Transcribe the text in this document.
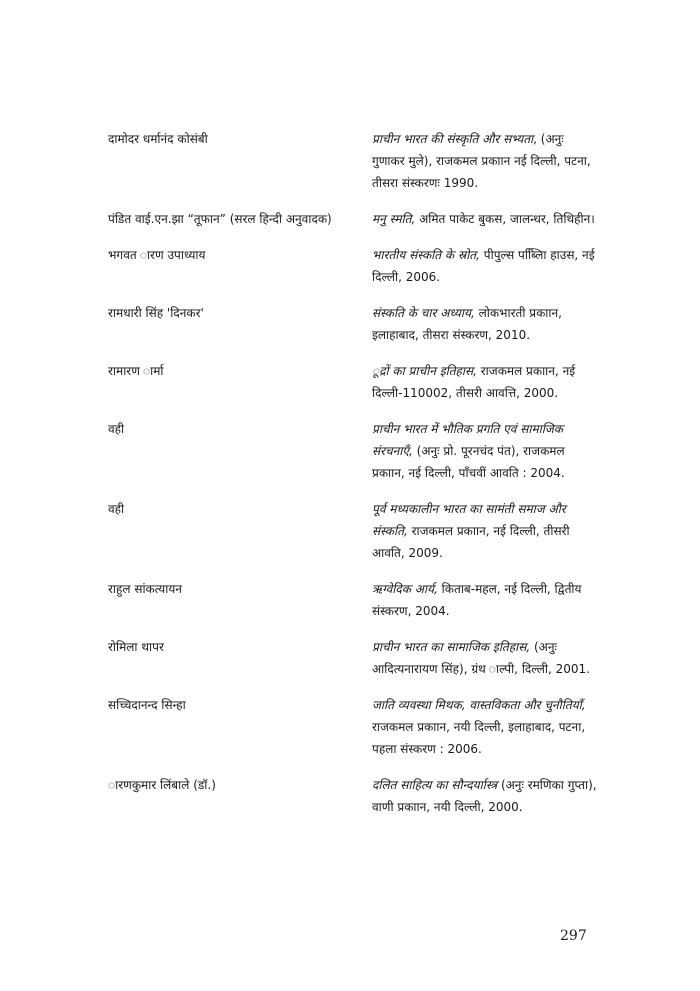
दामोदर धर्मानंद कोसंबी	प्राचीन भारत की संस्कृति और सभ्यता, (अनुः गुणाकर मुले), राजकमल प्रकाान नई दिल्ली, पटना, तीसरा संस्करणः 1990.
पंडित वाई.एन.झा “तूफान” (सरल हिन्दी अनुवादक)	मनु स्मति, अमित पाकेट बुकस, जालन्धर, तिथिहीन।
भगवत ारण उपाध्याय	भारतीय संस्कति के स्रोत, पीपुल्स पब्लिाि हाउस, नई दिल्ली, 2006.
रामधारी सिंह 'दिनकर'	संस्कति के चार अध्याय, लोकभारती प्रकाान, इलाहाबाद, तीसरा संस्करण, 2010.
रामारण ार्मा	ूद्रों का प्राचीन इतिहास, राजकमल प्रकाान, नई दिल्ली-110002, तीसरी आवत्ति, 2000.
वही	प्राचीन भारत में भौतिक प्रगति एवं सामाजिक संरचनाएँ, (अनुः प्रो. पूरनचंद पंत), राजकमल प्रकाान, नई दिल्ली, पाँचवीं आवति : 2004.
वही	पूर्व मध्यकालीन भारत का सामंती समाज और संस्कति, राजकमल प्रकाान, नई दिल्ली, तीसरी आवति, 2009.
राहुल सांकत्यायन	ऋग्वेदिक आर्य, किताब-महल, नई दिल्ली, द्वितीय संस्करण, 2004.
रोमिला थापर	प्राचीन भारत का सामाजिक इतिहास, (अनुः आदित्यनारायण सिंह), ग्रंथ ाल्पी, दिल्ली, 2001.
सच्चिदानन्द सिन्हा	जाति व्यवस्था मिथक, वास्तविकता और चुनौतियाँ, राजकमल प्रकाान, नयी दिल्ली, इलाहाबाद, पटना, पहला संस्करण : 2006.
ारणकुमार लिंबाले (डॉ.)	दलित साहित्य का सौन्दर्याास्त्र (अनुः रमणिका गुप्ता), वाणी प्रकाान, नयी दिल्ली, 2000.
297
